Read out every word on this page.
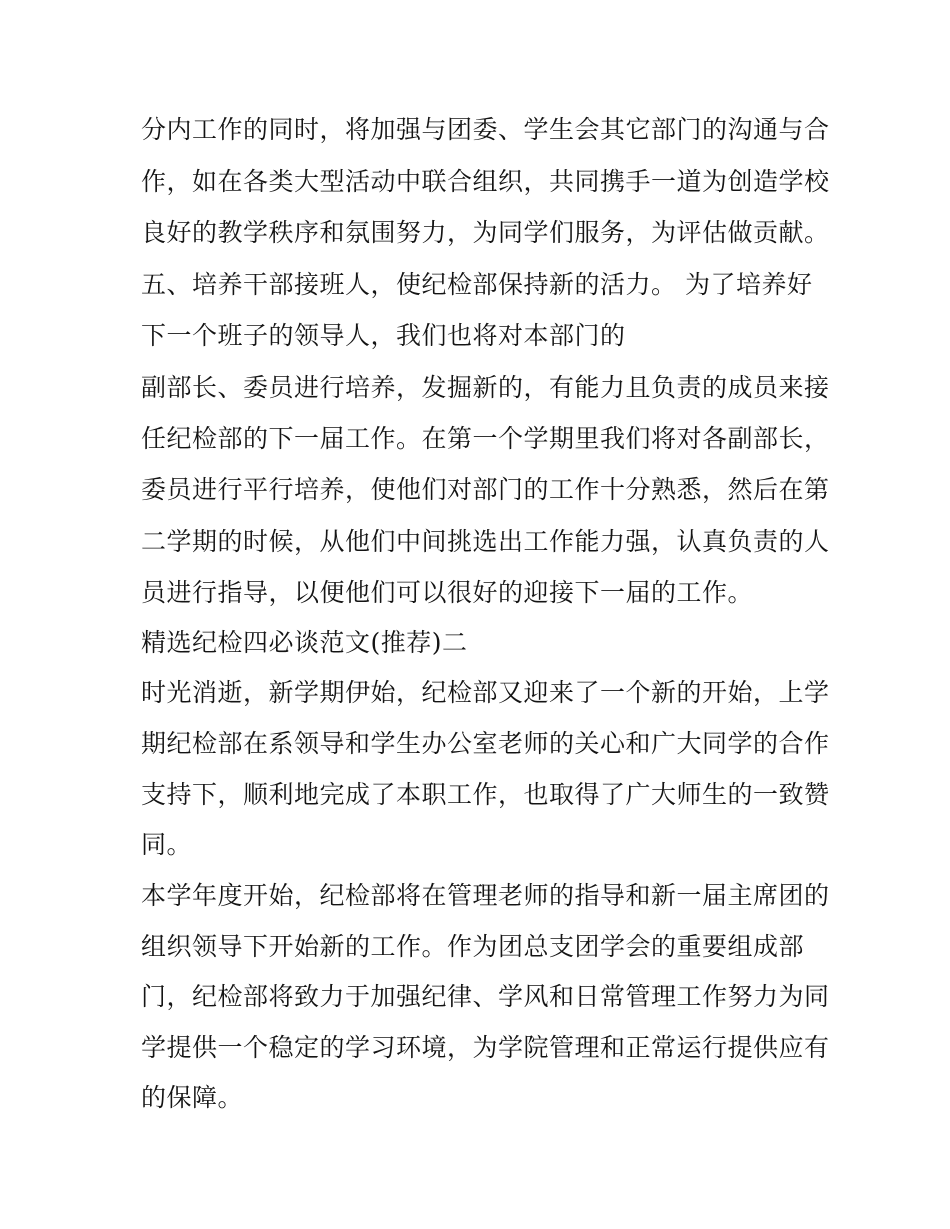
分内工作的同时，将加强与团委、学生会其它部门的沟通与合
作，如在各类大型活动中联合组织，共同携手一道为创造学校
良好的教学秩序和氛围努力，为同学们服务，为评估做贡献。
五、培养干部接班人，使纪检部保持新的活力。 为了培养好
下一个班子的领导人，我们也将对本部门的
副部长、委员进行培养，发掘新的，有能力且负责的成员来接
任纪检部的下一届工作。在第一个学期里我们将对各副部长，
委员进行平行培养，使他们对部门的工作十分熟悉，然后在第
二学期的时候，从他们中间挑选出工作能力强，认真负责的人
员进行指导，以便他们可以很好的迎接下一届的工作。
精选纪检四必谈范文(推荐)二
时光消逝，新学期伊始，纪检部又迎来了一个新的开始，上学
期纪检部在系领导和学生办公室老师的关心和广大同学的合作
支持下，顺利地完成了本职工作，也取得了广大师生的一致赞
同。
本学年度开始，纪检部将在管理老师的指导和新一届主席团的
组织领导下开始新的工作。作为团总支团学会的重要组成部
门，纪检部将致力于加强纪律、学风和日常管理工作努力为同
学提供一个稳定的学习环境，为学院管理和正常运行提供应有
的保障。
